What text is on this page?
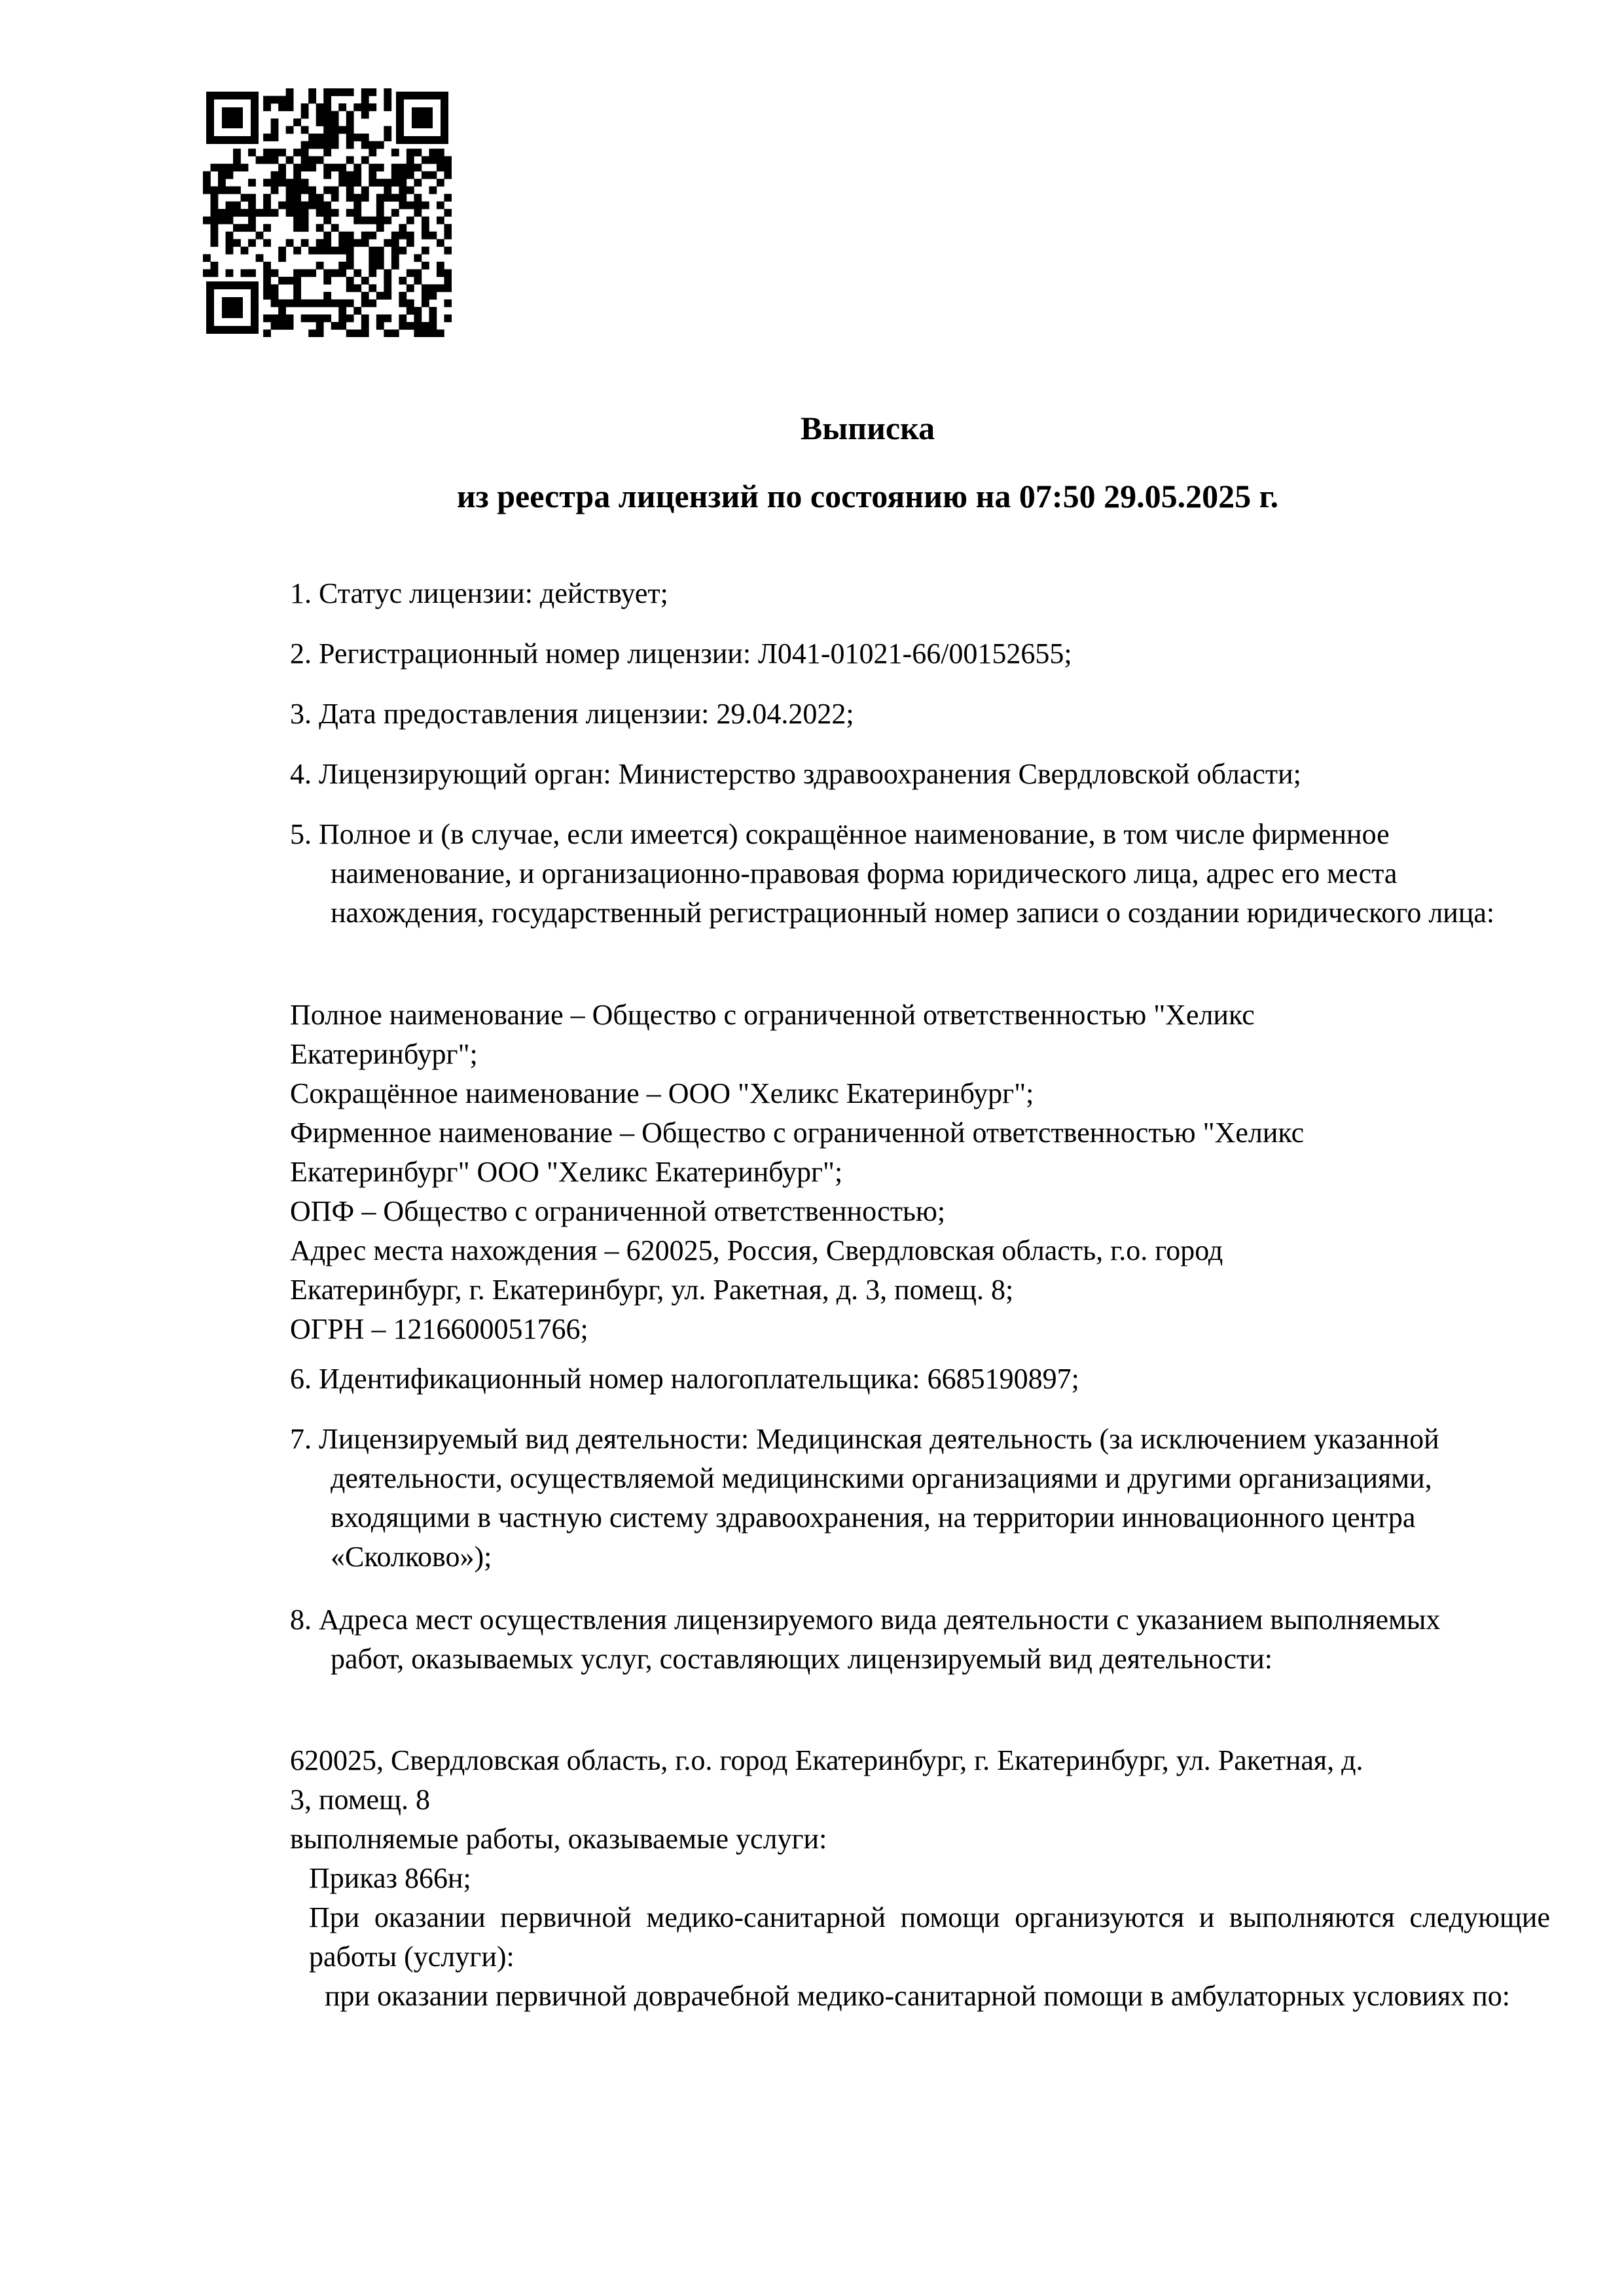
Выписка
из реестра лицензий по состоянию на 07:50 29.05.2025 г.
1. Статус лицензии: действует;
2. Регистрационный номер лицензии: Л041-01021-66/00152655;
3. Дата предоставления лицензии: 29.04.2022;
4. Лицензирующий орган: Министерство здравоохранения Свердловской области;
5. Полное и (в случае, если имеется) сокращённое наименование, в том числе фирменное наименование, и организационно-правовая форма юридического лица, адрес его места нахождения, государственный регистрационный номер записи о создании юридического лица:
Полное наименование – Общество с ограниченной ответственностью "Хеликс
Екатеринбург";
Сокращённое наименование – ООО "Хеликс Екатеринбург";
Фирменное наименование – Общество с ограниченной ответственностью "Хеликс
Екатеринбург" ООО "Хеликс Екатеринбург";
ОПФ – Общество с ограниченной ответственностью;
Адрес места нахождения – 620025, Россия, Свердловская область, г.о. город
Екатеринбург, г. Екатеринбург, ул. Ракетная, д. 3, помещ. 8;
ОГРН – 1216600051766;
6. Идентификационный номер налогоплательщика: 6685190897;
7. Лицензируемый вид деятельности: Медицинская деятельность (за исключением указанной деятельности, осуществляемой медицинскими организациями и другими организациями, входящими в частную систему здравоохранения, на территории инновационного центра «Сколково»);
8. Адреса мест осуществления лицензируемого вида деятельности с указанием выполняемых работ, оказываемых услуг, составляющих лицензируемый вид деятельности:
620025, Свердловская область, г.о. город Екатеринбург, г. Екатеринбург, ул. Ракетная, д.
3, помещ. 8
выполняемые работы, оказываемые услуги:
Приказ 866н;
При оказании первичной медико-санитарной помощи организуются и выполняются следующие работы (услуги):
при оказании первичной доврачебной медико-санитарной помощи в амбулаторных условиях по:
